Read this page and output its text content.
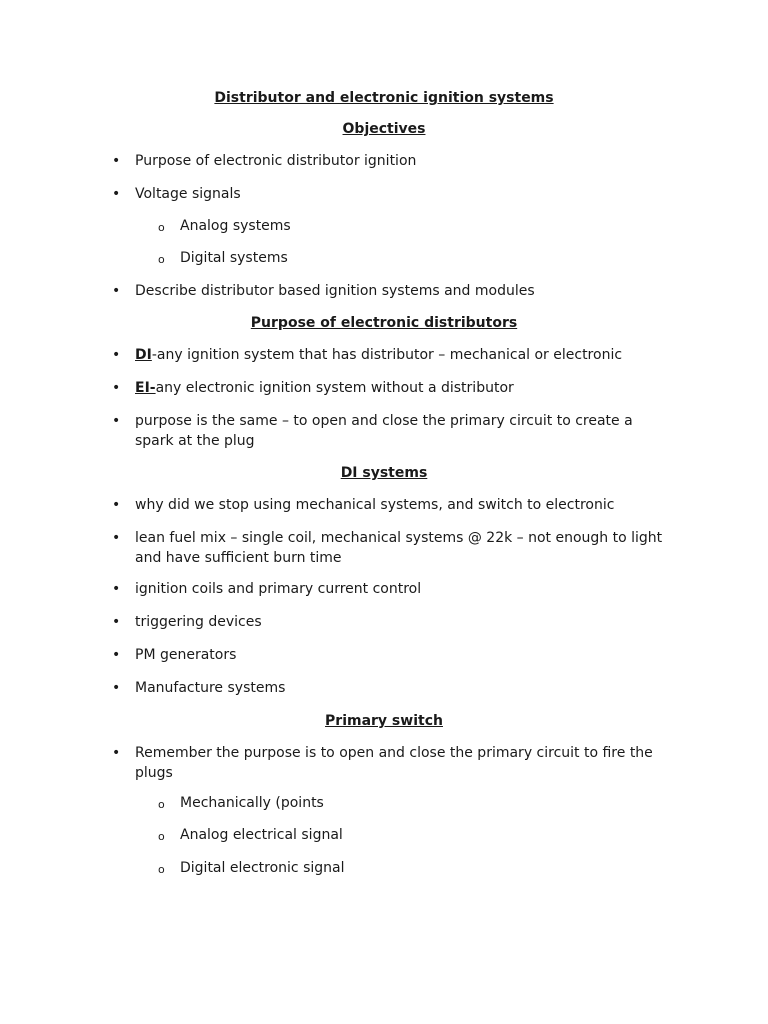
Distributor and electronic ignition systems
Objectives
•	Purpose of electronic distributor ignition
•	Voltage signals
o Analog systems
o Digital systems
•	Describe distributor based ignition systems and modules
Purpose of electronic distributors
•	DI-any ignition system that has distributor – mechanical or electronic
•	EI-any electronic ignition system without a distributor
•	purpose is the same – to open and close the primary circuit to create a spark at the plug
DI systems
•	why did we stop using mechanical systems, and switch to electronic
•	lean fuel mix – single coil, mechanical systems @ 22k – not enough to light and have sufficient burn time
•	ignition coils and primary current control
•	triggering devices
•	PM generators
•	Manufacture systems
Primary switch
•	Remember the purpose is to open and close the primary circuit to fire the plugs
o Mechanically (points
o Analog electrical signal
o Digital electronic signal
